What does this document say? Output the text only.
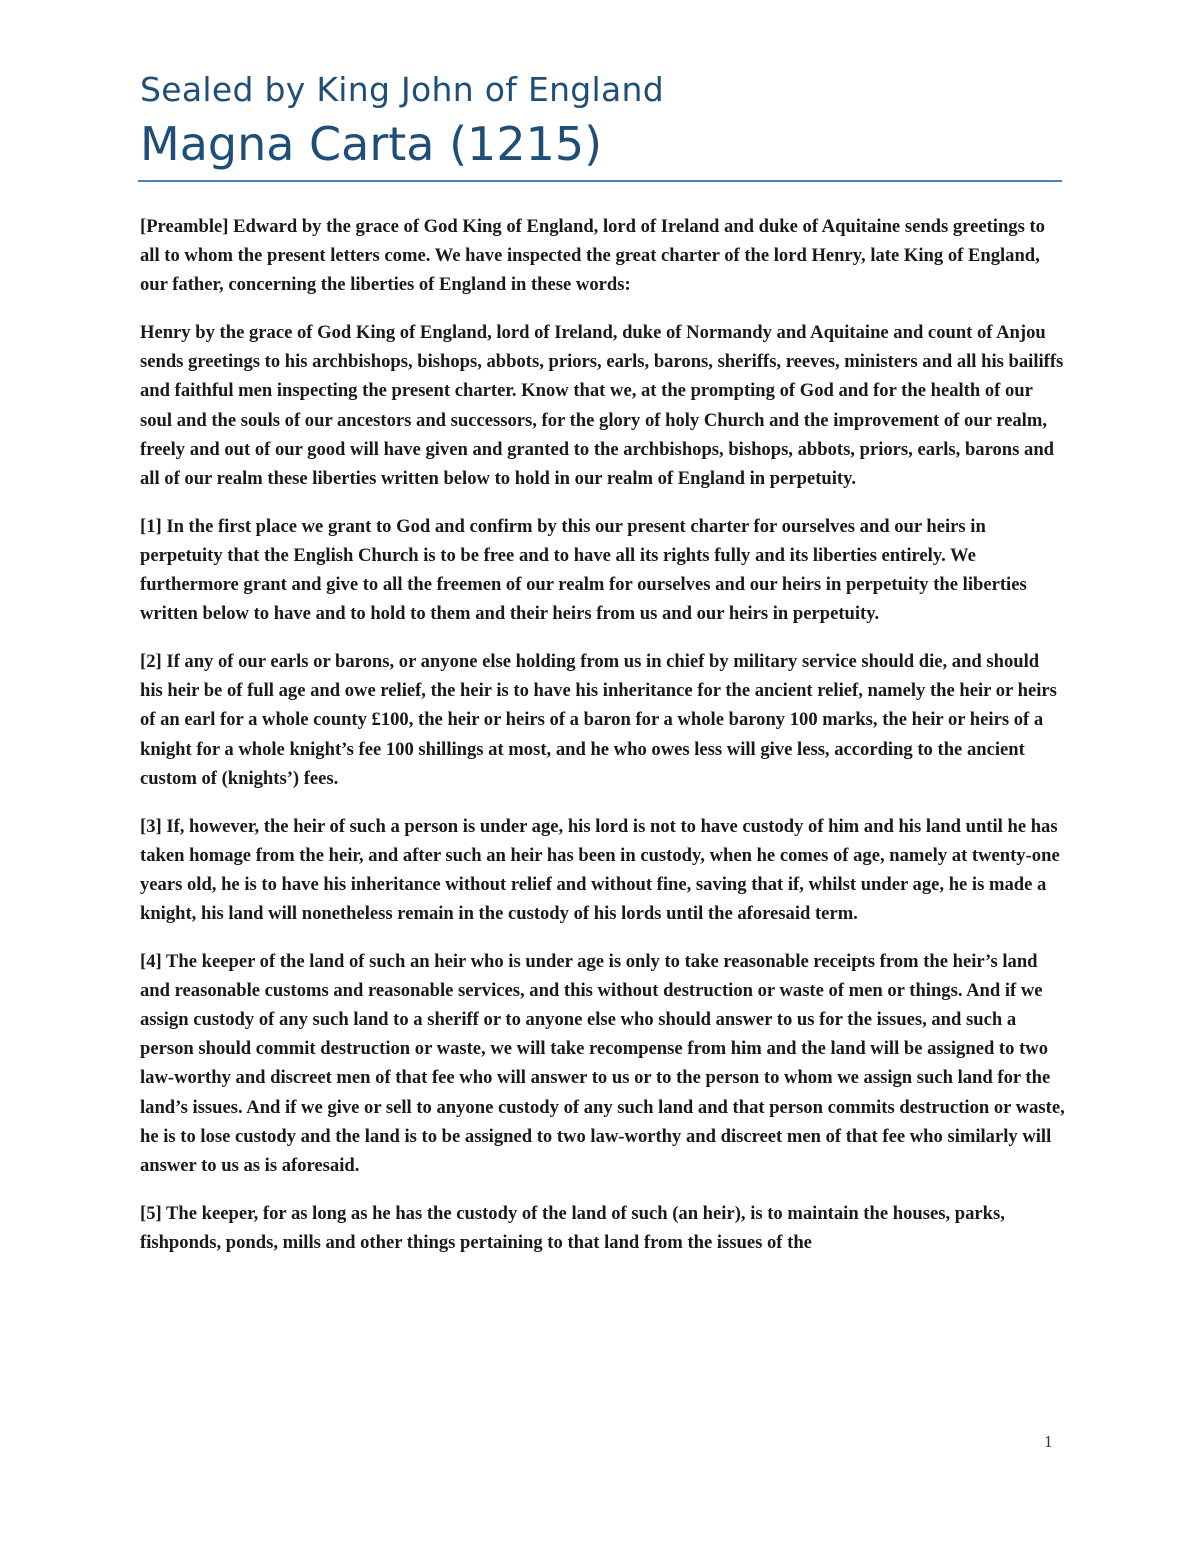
Sealed by King John of England
Magna Carta (1215)

[Preamble] Edward by the grace of God King of England, lord of Ireland and duke of Aquitaine sends greetings to all to whom the present letters come. We have inspected the great charter of the lord Henry, late King of England, our father, concerning the liberties of England in these words:

Henry by the grace of God King of England, lord of Ireland, duke of Normandy and Aquitaine and count of Anjou sends greetings to his archbishops, bishops, abbots, priors, earls, barons, sheriffs, reeves, ministers and all his bailiffs and faithful men inspecting the present charter. Know that we, at the prompting of God and for the health of our soul and the souls of our ancestors and successors, for the glory of holy Church and the improvement of our realm, freely and out of our good will have given and granted to the archbishops, bishops, abbots, priors, earls, barons and all of our realm these liberties written below to hold in our realm of England in perpetuity.

[1] In the first place we grant to God and confirm by this our present charter for ourselves and our heirs in perpetuity that the English Church is to be free and to have all its rights fully and its liberties entirely. We furthermore grant and give to all the freemen of our realm for ourselves and our heirs in perpetuity the liberties written below to have and to hold to them and their heirs from us and our heirs in perpetuity.

[2] If any of our earls or barons, or anyone else holding from us in chief by military service should die, and should his heir be of full age and owe relief, the heir is to have his inheritance for the ancient relief, namely the heir or heirs of an earl for a whole county £100, the heir or heirs of a baron for a whole barony 100 marks, the heir or heirs of a knight for a whole knight’s fee 100 shillings at most, and he who owes less will give less, according to the ancient custom of (knights’) fees.

[3] If, however, the heir of such a person is under age, his lord is not to have custody of him and his land until he has taken homage from the heir, and after such an heir has been in custody, when he comes of age, namely at twenty-one years old, he is to have his inheritance without relief and without fine, saving that if, whilst under age, he is made a knight, his land will nonetheless remain in the custody of his lords until the aforesaid term.

[4] The keeper of the land of such an heir who is under age is only to take reasonable receipts from the heir’s land and reasonable customs and reasonable services, and this without destruction or waste of men or things. And if we assign custody of any such land to a sheriff or to anyone else who should answer to us for the issues, and such a person should commit destruction or waste, we will take recompense from him and the land will be assigned to two law-worthy and discreet men of that fee who will answer to us or to the person to whom we assign such land for the land’s issues. And if we give or sell to anyone custody of any such land and that person commits destruction or waste, he is to lose custody and the land is to be assigned to two law-worthy and discreet men of that fee who similarly will answer to us as is aforesaid.

[5] The keeper, for as long as he has the custody of the land of such (an heir), is to maintain the houses, parks, fishponds, ponds, mills and other things pertaining to that land from the issues of the

1
